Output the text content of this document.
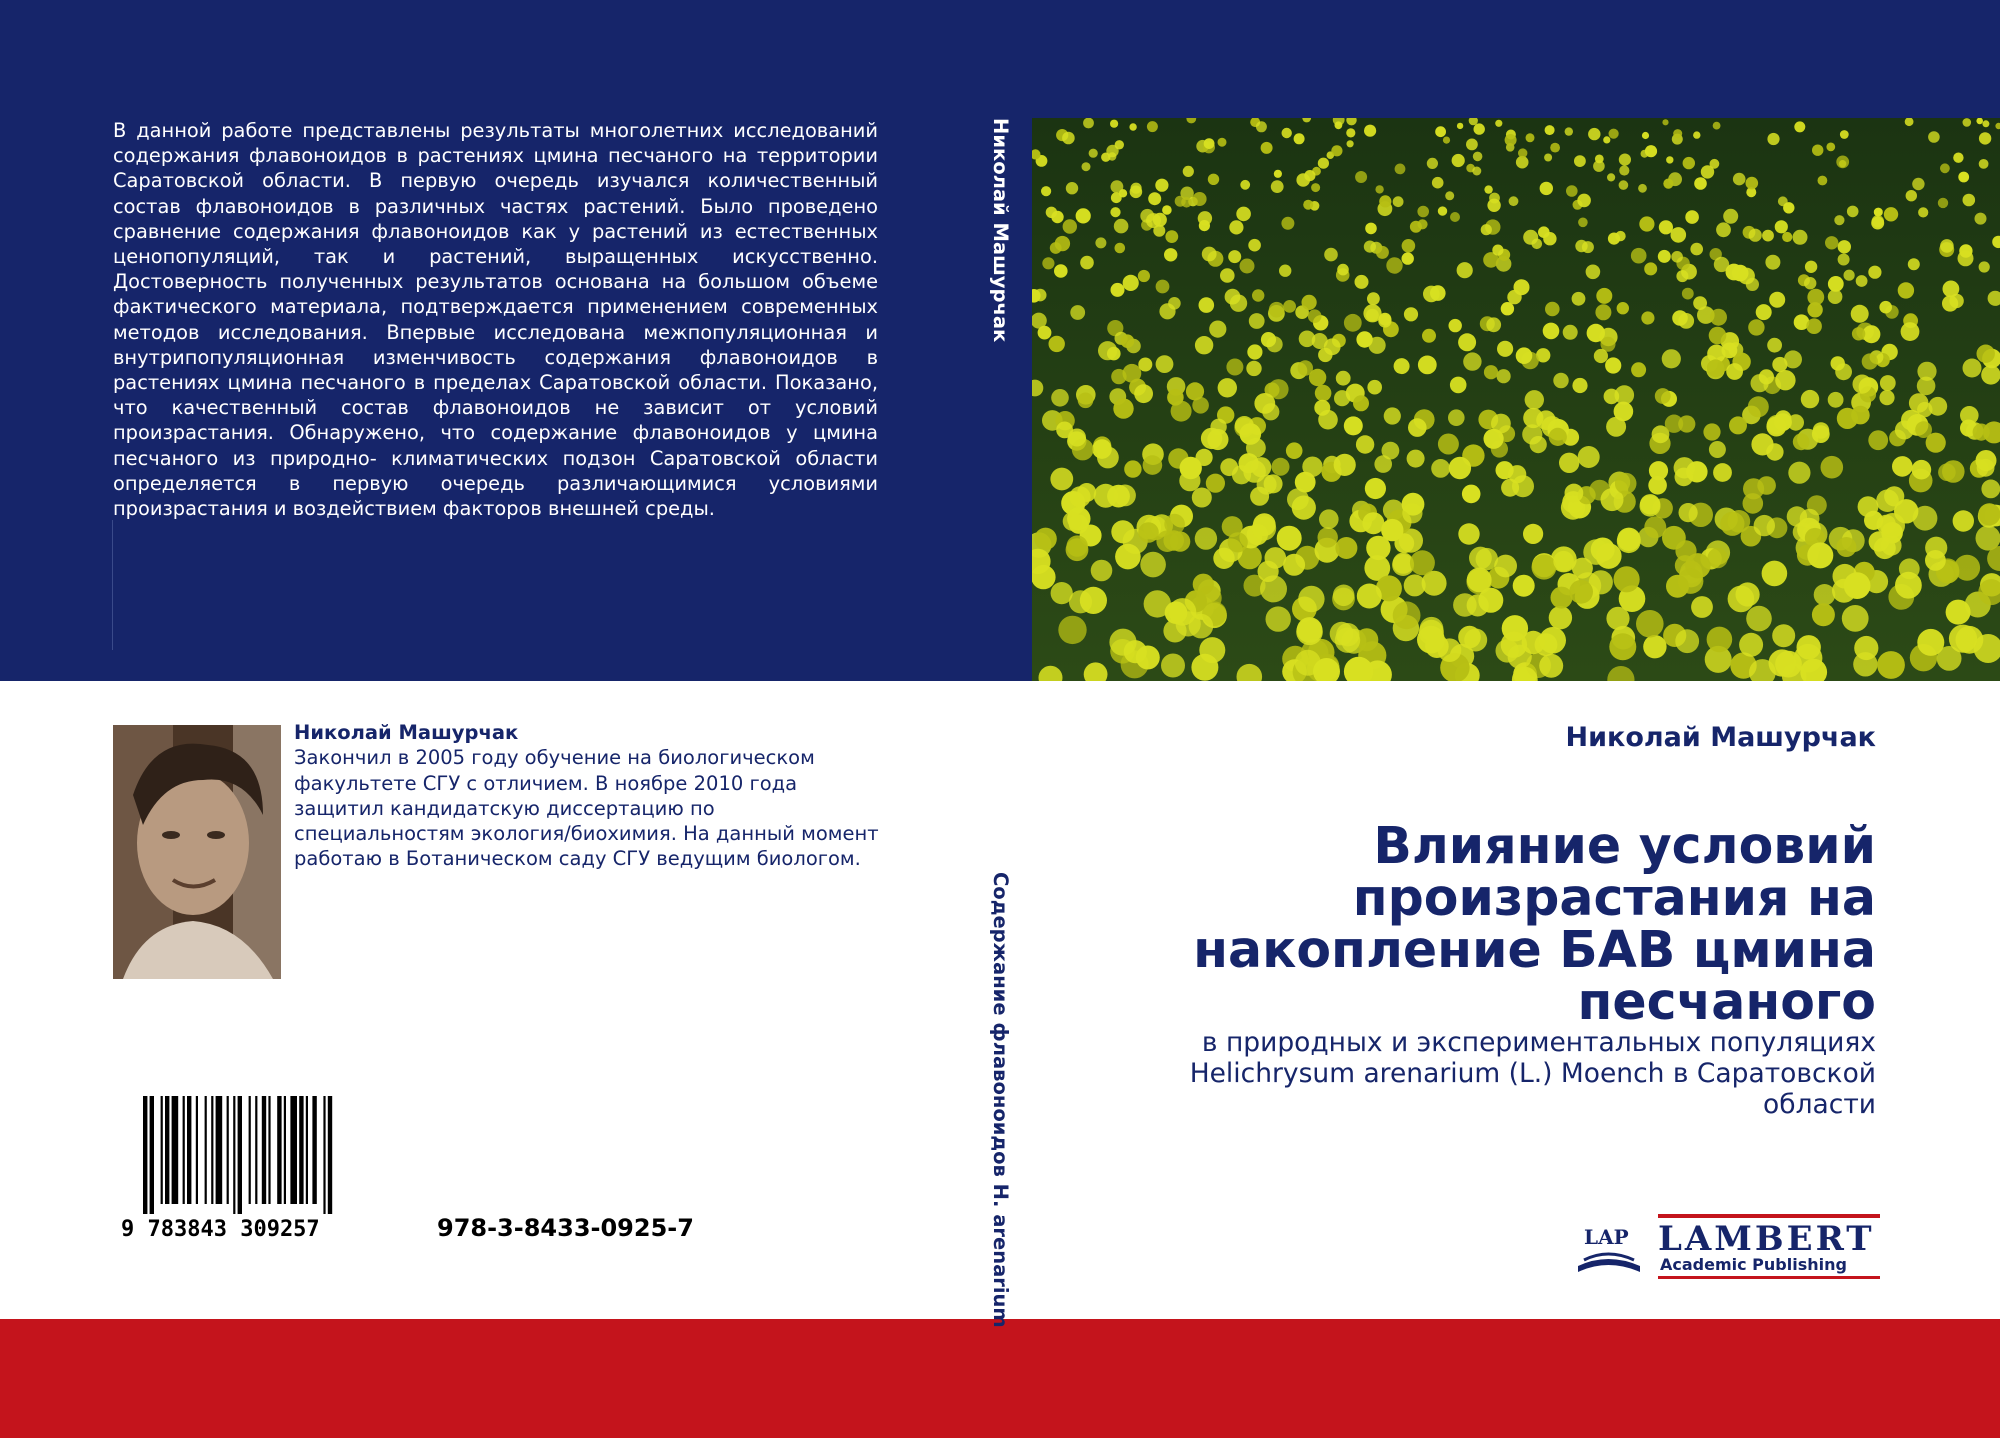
В данной работе представлены результаты многолетних исследований содержания флавоноидов в растениях цмина песчаного на территории Саратовской области. В первую очередь изучался количественный состав флавоноидов в различных частях растений. Было проведено сравнение содержания флавоноидов как у растений из естественных ценопопуляций, так и растений, выращенных искусственно. Достоверность полученных результатов основана на большом объеме фактического материала, подтверждается применением современных методов исследования. Впервые исследована межпопуляционная и внутрипопуляционная изменчивость содержания флавоноидов в растениях цмина песчаного в пределах Саратовской области. Показано, что качественный состав флавоноидов не зависит от условий произрастания. Обнаружено, что содержание флавоноидов у цмина песчаного из природно- климатических подзон Саратовской области определяется в первую очередь различающимися условиями произрастания и воздействием факторов внешней среды.

Николай Машурчак
Содержание флавоноидов H. arenarium
Николай Машурчак
Закончил в 2005 году обучение на биологическом факультете СГУ с отличием. В ноябре 2010 года защитил кандидатскую диссертацию по специальностям экология/биохимия. На данный момент работаю в Ботаническом саду СГУ ведущим биологом.
9 783843 309257	978-3-8433-0925-7
Николай Машурчак

Влияние условий произрастания на накопление БАВ цмина песчаного

в природных и экспериментальных популяциях Helichrysum arenarium (L.) Moench в Саратовской области

LAP LAMBERT
Academic Publishing
